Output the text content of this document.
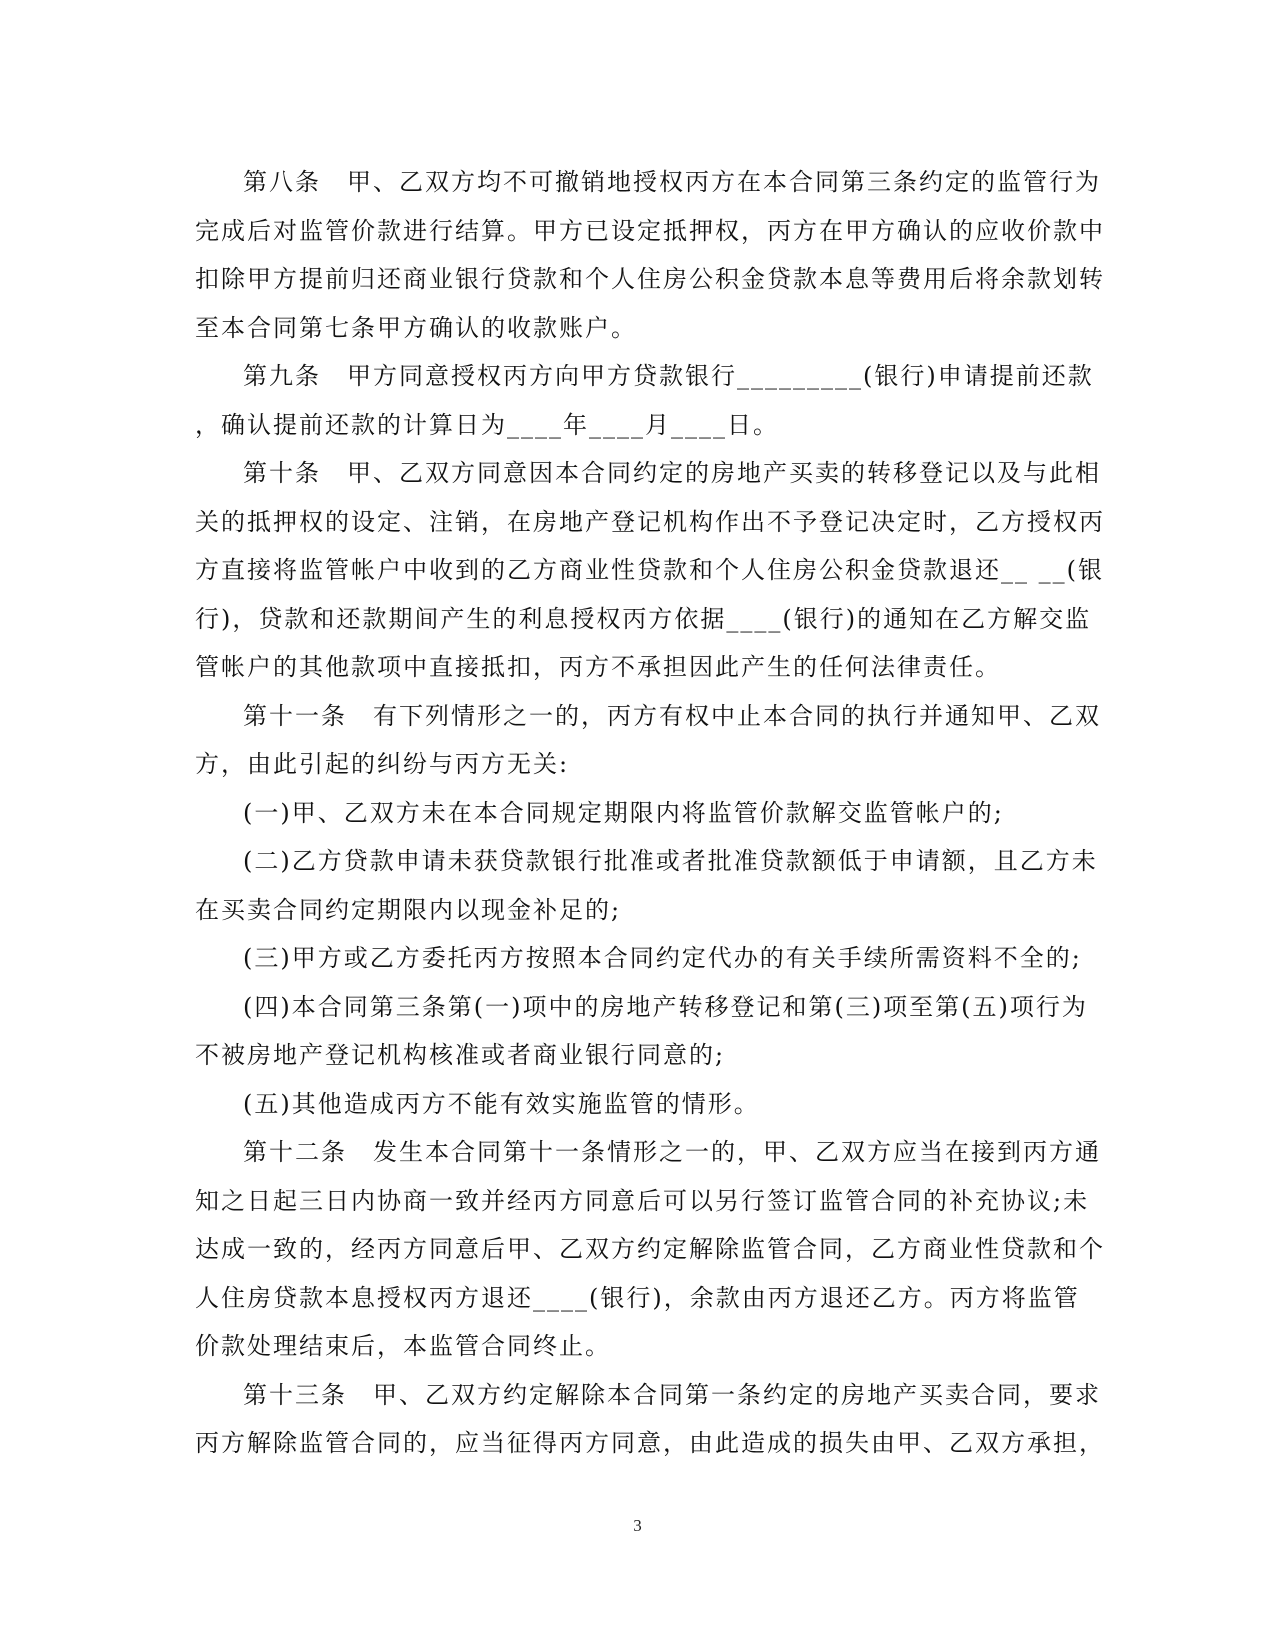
第八条　甲、乙双方均不可撤销地授权丙方在本合同第三条约定的监管行为
完成后对监管价款进行结算。甲方已设定抵押权，丙方在甲方确认的应收价款中
扣除甲方提前归还商业银行贷款和个人住房公积金贷款本息等费用后将余款划转
至本合同第七条甲方确认的收款账户。
第九条　甲方同意授权丙方向甲方贷款银行_________(银行)申请提前还款
，确认提前还款的计算日为____年____月____日。
第十条　甲、乙双方同意因本合同约定的房地产买卖的转移登记以及与此相
关的抵押权的设定、注销，在房地产登记机构作出不予登记决定时，乙方授权丙
方直接将监管帐户中收到的乙方商业性贷款和个人住房公积金贷款退还__ __(银
行)，贷款和还款期间产生的利息授权丙方依据____(银行)的通知在乙方解交监
管帐户的其他款项中直接抵扣，丙方不承担因此产生的任何法律责任。
第十一条　有下列情形之一的，丙方有权中止本合同的执行并通知甲、乙双
方，由此引起的纠纷与丙方无关:
(一)甲、乙双方未在本合同规定期限内将监管价款解交监管帐户的;
(二)乙方贷款申请未获贷款银行批准或者批准贷款额低于申请额，且乙方未
在买卖合同约定期限内以现金补足的;
(三)甲方或乙方委托丙方按照本合同约定代办的有关手续所需资料不全的;
(四)本合同第三条第(一)项中的房地产转移登记和第(三)项至第(五)项行为
不被房地产登记机构核准或者商业银行同意的;
(五)其他造成丙方不能有效实施监管的情形。
第十二条　发生本合同第十一条情形之一的，甲、乙双方应当在接到丙方通
知之日起三日内协商一致并经丙方同意后可以另行签订监管合同的补充协议;未
达成一致的，经丙方同意后甲、乙双方约定解除监管合同，乙方商业性贷款和个
人住房贷款本息授权丙方退还____(银行)，余款由丙方退还乙方。丙方将监管
价款处理结束后，本监管合同终止。
第十三条　甲、乙双方约定解除本合同第一条约定的房地产买卖合同，要求
丙方解除监管合同的，应当征得丙方同意，由此造成的损失由甲、乙双方承担，
3
